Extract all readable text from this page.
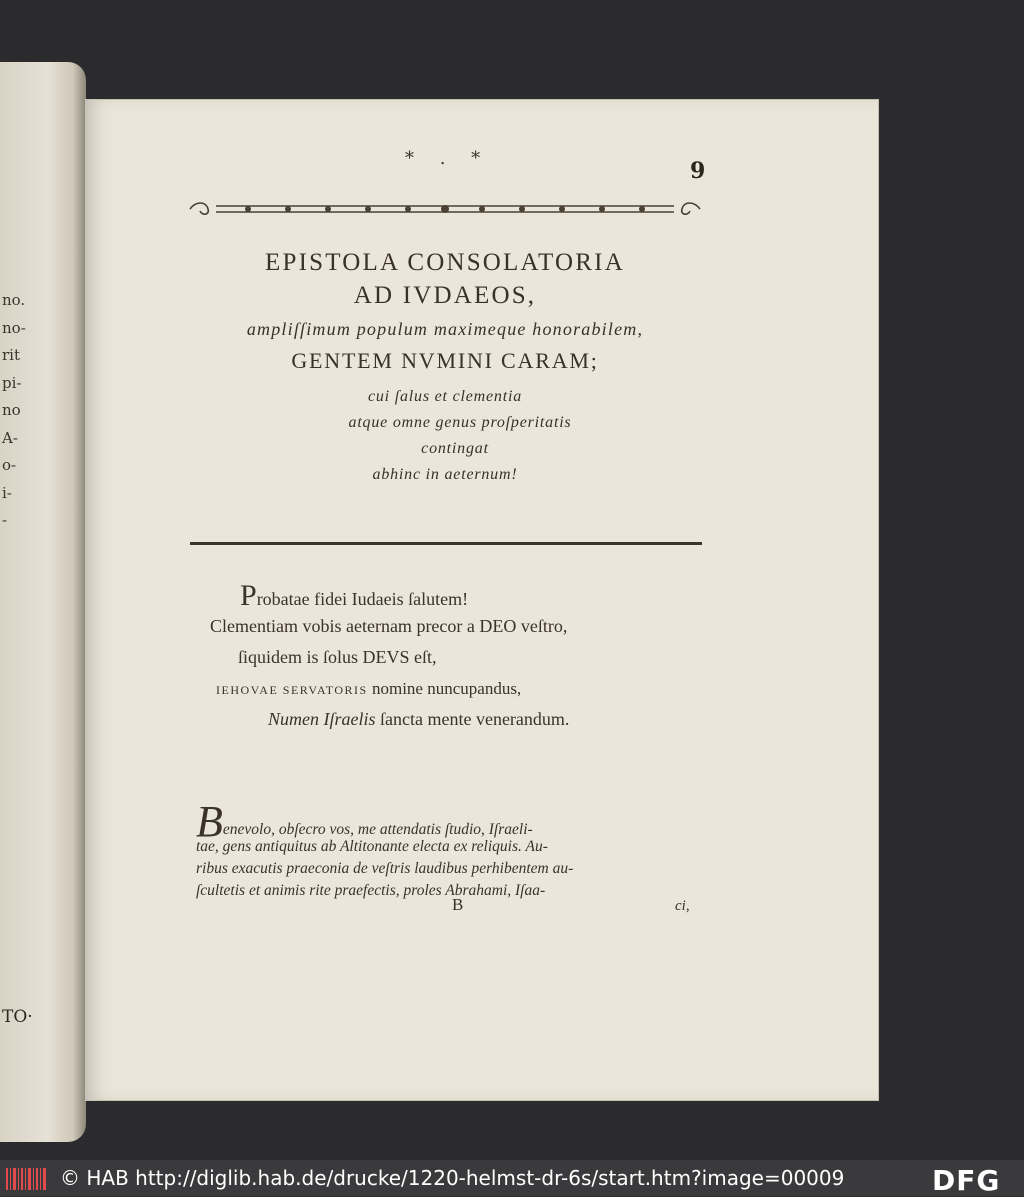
no.
no-
rit
pi-
no
A-
o-
i-
-
TO·
* . *	9
EPISTOLA CONSOLATORIA
AD IVDAEOS,
ampliſſimum populum maximeque honorabilem,
GENTEM NVMINI CARAM;
cui ſalus et clementia
atque omne genus proſperitatis
contingat
abhinc in aeternum!
Probatae fidei Iudaeis ſalutem!
Clementiam vobis aeternam precor a DEO veſtro,
ſiquidem is ſolus DEVS eſt,
IEHOVAE SERVATORIS nomine nuncupandus,
Numen Iſraelis ſancta mente venerandum.
Benevolo, obſecro vos, me attendatis ſtudio, Iſraeli-
tae, gens antiquitus ab Altitonante electa ex reliquis. Au-
ribus exacutis praeconia de veſtris laudibus perhibentem au-
ſcultetis et animis rite praefectis, proles Abrahami, Iſaa-
B	ci,
© HAB http://diglib.hab.de/drucke/1220-helmst-dr-6s/start.htm?image=00009	DFG
